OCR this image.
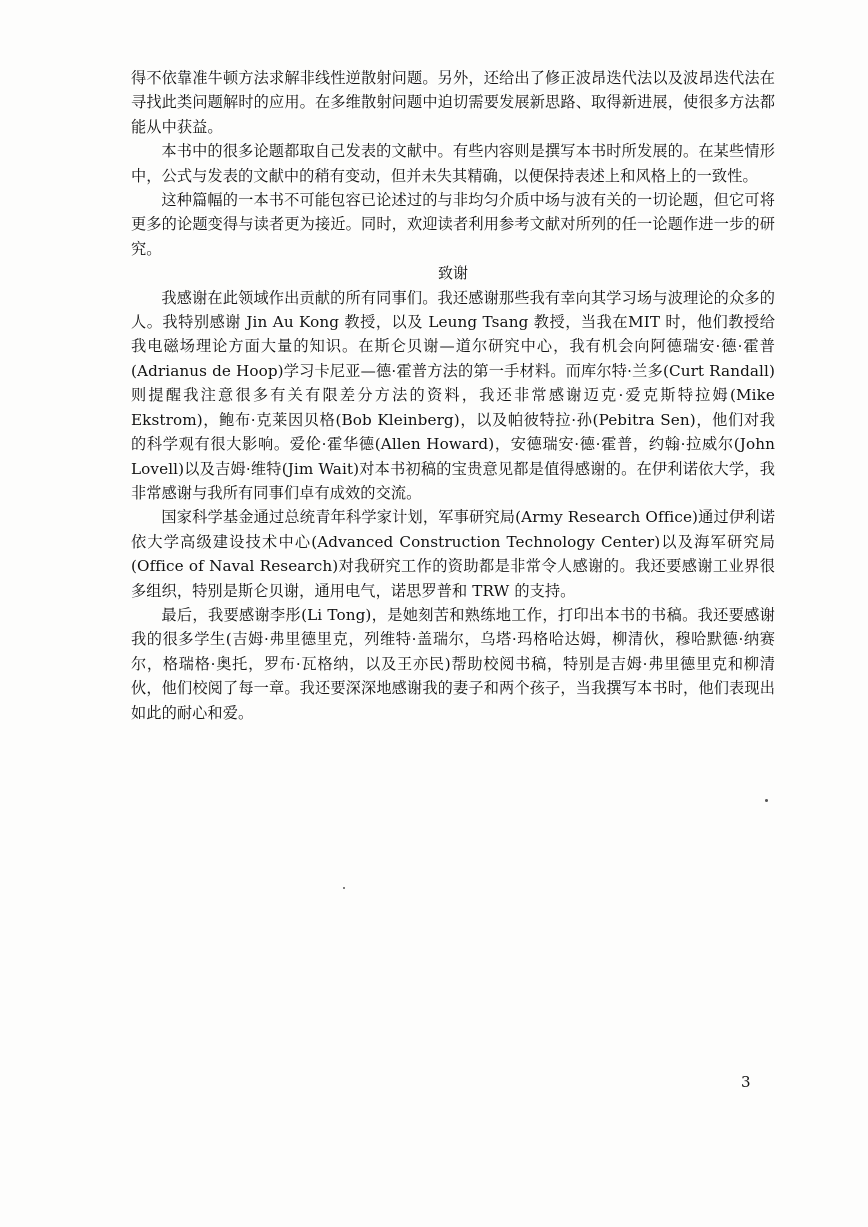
得不依靠准牛顿方法求解非线性逆散射问题。另外，还给出了修正波昂迭代法以及波昂迭代法在寻找此类问题解时的应用。在多维散射问题中迫切需要发展新思路、取得新进展，使很多方法都能从中获益。

本书中的很多论题都取自己发表的文献中。有些内容则是撰写本书时所发展的。在某些情形中，公式与发表的文献中的稍有变动，但并未失其精确，以便保持表述上和风格上的一致性。

这种篇幅的一本书不可能包容已论述过的与非均匀介质中场与波有关的一切论题，但它可将更多的论题变得与读者更为接近。同时，欢迎读者利用参考文献对所列的任一论题作进一步的研究。

致谢

我感谢在此领域作出贡献的所有同事们。我还感谢那些我有幸向其学习场与波理论的众多的人。我特别感谢 Jin Au Kong 教授，以及 Leung Tsang 教授，当我在MIT 时，他们教授给我电磁场理论方面大量的知识。在斯仑贝谢—道尔研究中心，我有机会向阿德瑞安·德·霍普(Adrianus de Hoop)学习卡尼亚—德·霍普方法的第一手材料。而库尔特·兰多(Curt Randall)则提醒我注意很多有关有限差分方法的资料，我还非常感谢迈克·爱克斯特拉姆(Mike Ekstrom)，鲍布·克莱因贝格(Bob Kleinberg)，以及帕彼特拉·孙(Pebitra Sen)，他们对我的科学观有很大影响。爱伦·霍华德(Allen Howard)，安德瑞安·德·霍普，约翰·拉威尔(John Lovell)以及吉姆·维特(Jim Wait)对本书初稿的宝贵意见都是值得感谢的。在伊利诺依大学，我非常感谢与我所有同事们卓有成效的交流。

国家科学基金通过总统青年科学家计划，军事研究局(Army Research Office)通过伊利诺依大学高级建设技术中心(Advanced Construction Technology Center)以及海军研究局(Office of Naval Research)对我研究工作的资助都是非常令人感谢的。我还要感谢工业界很多组织，特别是斯仑贝谢，通用电气，诺思罗普和 TRW 的支持。

最后，我要感谢李彤(Li Tong)，是她刻苦和熟练地工作，打印出本书的书稿。我还要感谢我的很多学生(吉姆·弗里德里克，列维特·盖瑞尔，乌塔·玛格哈达姆，柳清伙，穆哈默德·纳赛尔，格瑞格·奥托，罗布·瓦格纳，以及王亦民)帮助校阅书稿，特别是吉姆·弗里德里克和柳清伙，他们校阅了每一章。我还要深深地感谢我的妻子和两个孩子，当我撰写本书时，他们表现出如此的耐心和爱。

3
